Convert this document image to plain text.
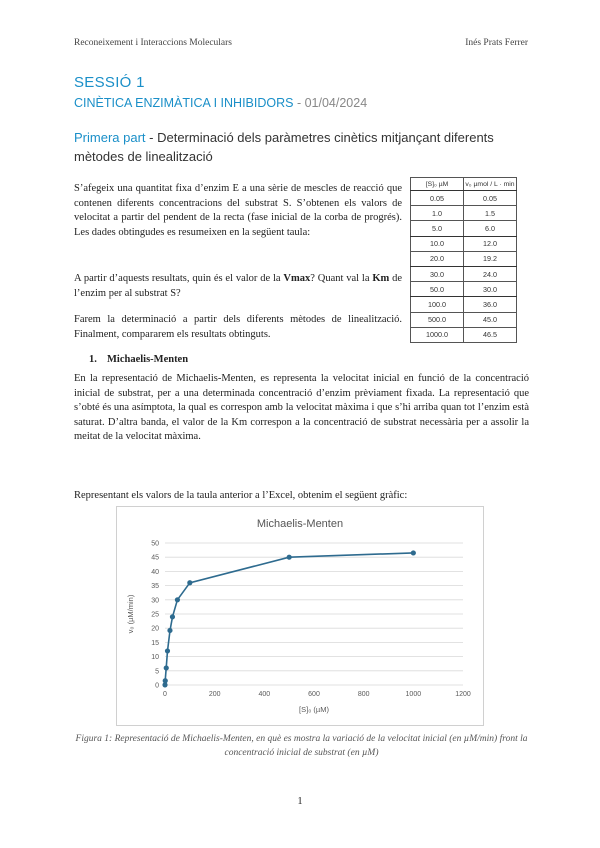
Reconeixement i Interaccions Moleculars	Inés Prats Ferrer
SESSIÓ 1
CINÈTICA ENZIMÀTICA I INHIBIDORS - 01/04/2024
Primera part - Determinació dels paràmetres cinètics mitjançant diferents mètodes de linealització
S’afegeix una quantitat fixa d’enzim E a una sèrie de mescles de reacció que contenen diferents concentracions del substrat S. S’obtenen els valors de velocitat a partir del pendent de la recta (fase inicial de la corba de progrés). Les dades obtingudes es resumeixen en la següent taula:
A partir d’aquests resultats, quin és el valor de la Vmax? Quant val la Km de l’enzim per al substrat S?
Farem la determinació a partir dels diferents mètodes de linealització. Finalment, compararem els resultats obtinguts.
[S]₀ µM	v₀ µmol / L · min
0.05	0.05
1.0	1.5
5.0	6.0
10.0	12.0
20.0	19.2
30.0	24.0
50.0	30.0
100.0	36.0
500.0	45.0
1000.0	46.5
1. Michaelis-Menten
En la representació de Michaelis-Menten, es representa la velocitat inicial en funció de la concentració inicial de substrat, per a una determinada concentració d’enzim prèviament fixada. La representació que s’obté és una asímptota, la qual es correspon amb la velocitat màxima i que s’hi arriba quan tot l’enzim està saturat. D’altra banda, el valor de la Km correspon a la concentració de substrat necessària per a assolir la meitat de la velocitat màxima.
Representant els valors de la taula anterior a l’Excel, obtenim el següent gràfic:
Michaelis-Menten
0
5
10
15
20
25
30
35
40
45
50
0	200	400	600	800	1000	1200
[S]₀ (µM)
v₀ (µM/min)
Figura 1: Representació de Michaelis-Menten, en què es mostra la variació de la velocitat inicial (en µM/min) front la concentració inicial de substrat (en µM)
1
